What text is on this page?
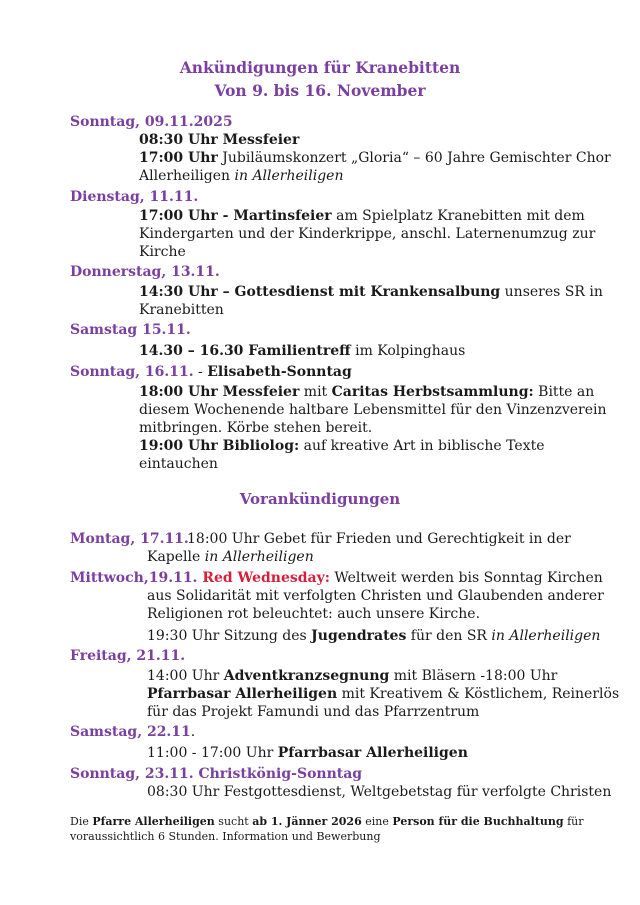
Ankündigungen für Kranebitten
Von 9. bis 16. November
Sonntag, 09.11.2025
08:30 Uhr Messfeier
17:00 Uhr Jubiläumskonzert „Gloria“ – 60 Jahre Gemischter Chor
Allerheiligen in Allerheiligen
Dienstag, 11.11.
17:00 Uhr - Martinsfeier am Spielplatz Kranebitten mit dem
Kindergarten und der Kinderkrippe, anschl. Laternenumzug zur
Kirche
Donnerstag, 13.11.
14:30 Uhr – Gottesdienst mit Krankensalbung unseres SR in
Kranebitten
Samstag 15.11.
14.30 – 16.30 Familientreff im Kolpinghaus
Sonntag, 16.11. - Elisabeth-Sonntag
18:00 Uhr Messfeier mit Caritas Herbstsammlung: Bitte an
diesem Wochenende haltbare Lebensmittel für den Vinzenzverein
mitbringen. Körbe stehen bereit.
19:00 Uhr Bibliolog: auf kreative Art in biblische Texte
eintauchen
Vorankündigungen
Montag, 17.11.
18:00 Uhr Gebet für Frieden und Gerechtigkeit in der
Kapelle in Allerheiligen
Mittwoch,19.11. Red Wednesday: Weltweit werden bis Sonntag Kirchen
aus Solidarität mit verfolgten Christen und Glaubenden anderer
Religionen rot beleuchtet: auch unsere Kirche.
19:30 Uhr Sitzung des Jugendrates für den SR in Allerheiligen
Freitag, 21.11.
14:00 Uhr Adventkranzsegnung mit Bläsern -18:00 Uhr
Pfarrbasar Allerheiligen mit Kreativem & Köstlichem, Reinerlös
für das Projekt Famundi und das Pfarrzentrum
Samstag, 22.11.
11:00 - 17:00 Uhr Pfarrbasar Allerheiligen
Sonntag, 23.11. Christkönig-Sonntag
08:30 Uhr Festgottesdienst, Weltgebetstag für verfolgte Christen
Die Pfarre Allerheiligen sucht ab 1. Jänner 2026 eine Person für die Buchhaltung für
voraussichtlich 6 Stunden. Information und Bewerbung
